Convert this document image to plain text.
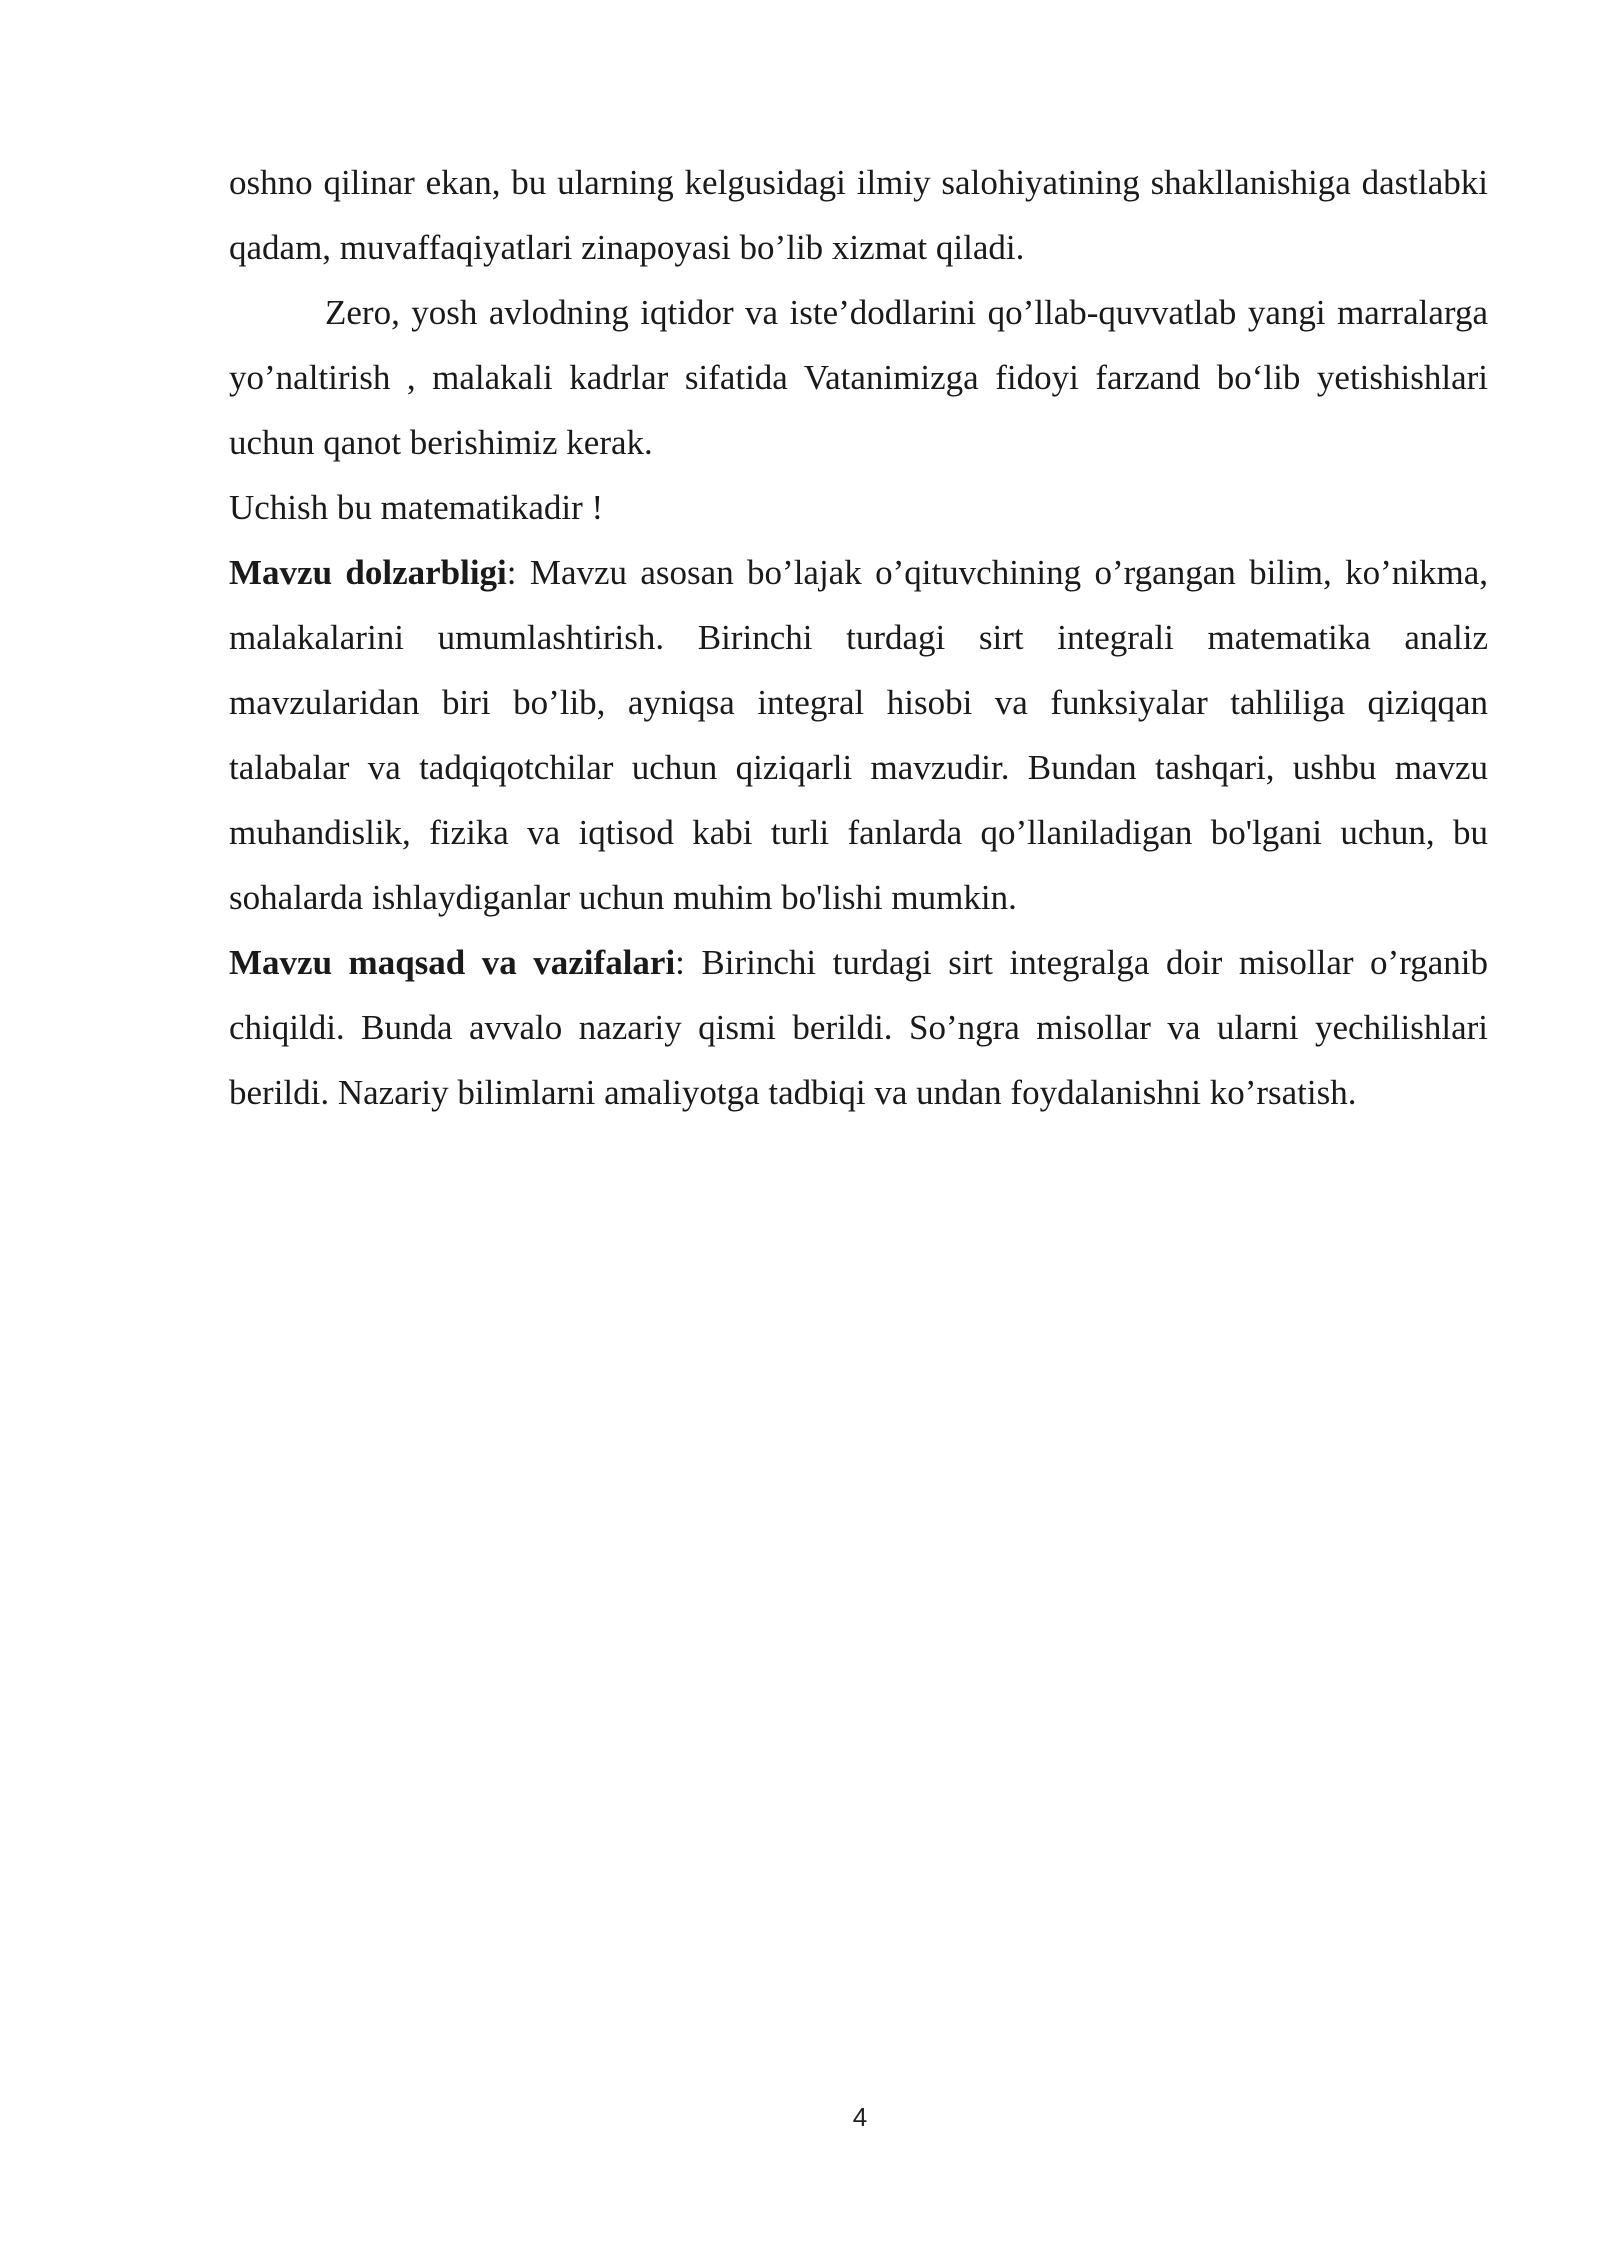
oshno qilinar ekan, bu ularning kelgusidagi ilmiy salohiyatining shakllanishiga dastlabki qadam, muvaffaqiyatlari zinapoyasi bo’lib xizmat qiladi.

Zero, yosh avlodning iqtidor va iste’dodlarini qo’llab-quvvatlab yangi marralarga yo’naltirish , malakali kadrlar sifatida Vatanimizga fidoyi farzand bo‘lib yetishishlari uchun qanot berishimiz kerak.

Uchish bu matematikadir !

Mavzu dolzarbligi: Mavzu asosan bo’lajak o’qituvchining o’rgangan bilim, ko’nikma, malakalarini umumlashtirish. Birinchi turdagi sirt integrali matematika analiz mavzularidan biri bo’lib, ayniqsa integral hisobi va funksiyalar tahliliga qiziqqan talabalar va tadqiqotchilar uchun qiziqarli mavzudir. Bundan tashqari, ushbu mavzu muhandislik, fizika va iqtisod kabi turli fanlarda qo’llaniladigan bo'lgani uchun, bu sohalarda ishlaydiganlar uchun muhim bo'lishi mumkin.

Mavzu maqsad va vazifalari: Birinchi turdagi sirt integralga doir misollar o’rganib chiqildi. Bunda avvalo nazariy qismi berildi. So’ngra misollar va ularni yechilishlari berildi. Nazariy bilimlarni amaliyotga tadbiqi va undan foydalanishni ko’rsatish.

4
